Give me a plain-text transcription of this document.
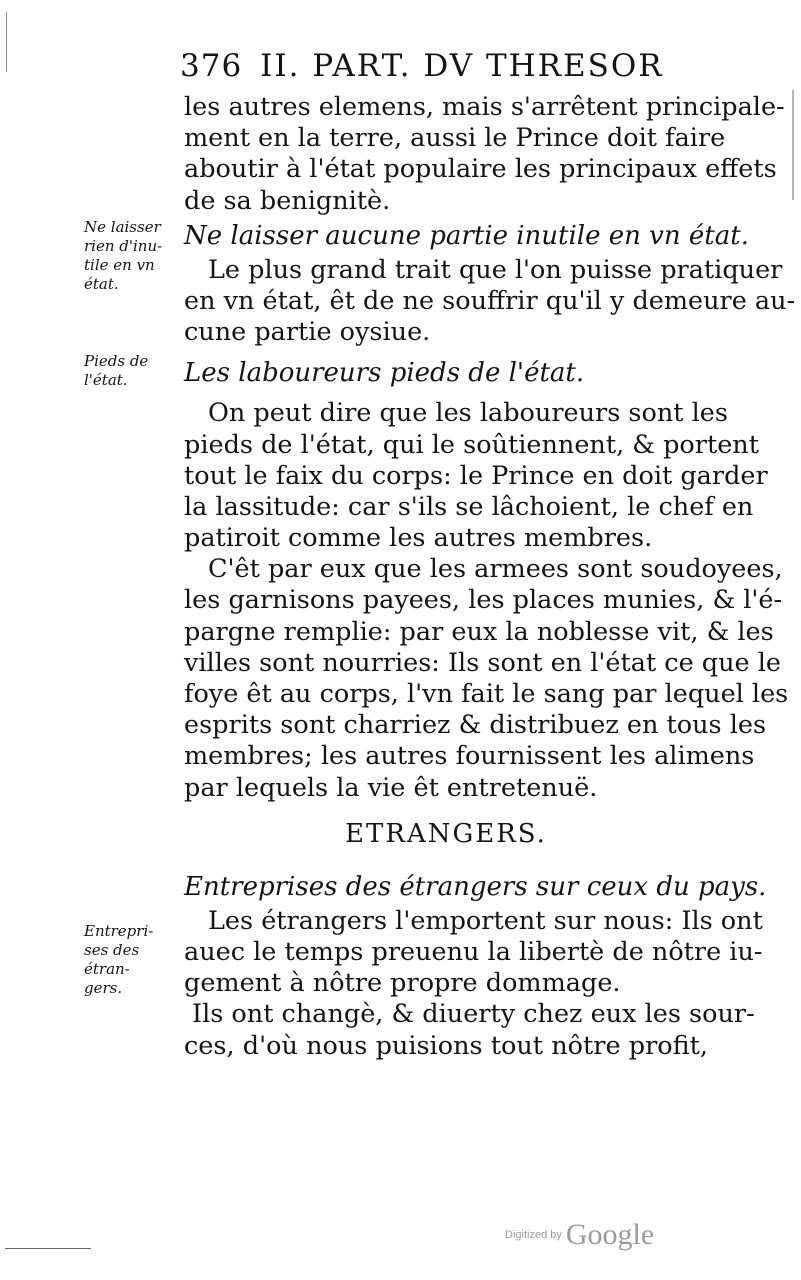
376 II. PART. DV THRESOR
Ne laisser
rien d'inu-
tile en vn
état.
Pieds de
l'état.
Entrepri-
ses des
étran-
gers.
les autres elemens, mais s'arrêtent principale-
ment en la terre, aussi le Prince doit faire
aboutir à l'état populaire les principaux effets
de sa benignitè.
Ne laisser aucune partie inutile en vn état.
Le plus grand trait que l'on puisse pratiquer
en vn état, êt de ne souffrir qu'il y demeure au-
cune partie oysiue.
Les laboureurs pieds de l'état.
On peut dire que les laboureurs sont les
pieds de l'état, qui le soûtiennent, & portent
tout le faix du corps: le Prince en doit garder
la lassitude: car s'ils se lâchoient, le chef en
patiroit comme les autres membres.
C'êt par eux que les armees sont soudoyees,
les garnisons payees, les places munies, & l'é-
pargne remplie: par eux la noblesse vit, & les
villes sont nourries: Ils sont en l'état ce que le
foye êt au corps, l'vn fait le sang par lequel les
esprits sont charriez & distribuez en tous les
membres; les autres fournissent les alimens
par lequels la vie êt entretenuë.
ETRANGERS.
Entreprises des étrangers sur ceux du pays.
Les étrangers l'emportent sur nous: Ils ont
auec le temps preuenu la libertè de nôtre iu-
gement à nôtre propre dommage.
Ils ont changè, & diuerty chez eux les sour-
ces, d'où nous puisions tout nôtre profit,
Digitized by Google
